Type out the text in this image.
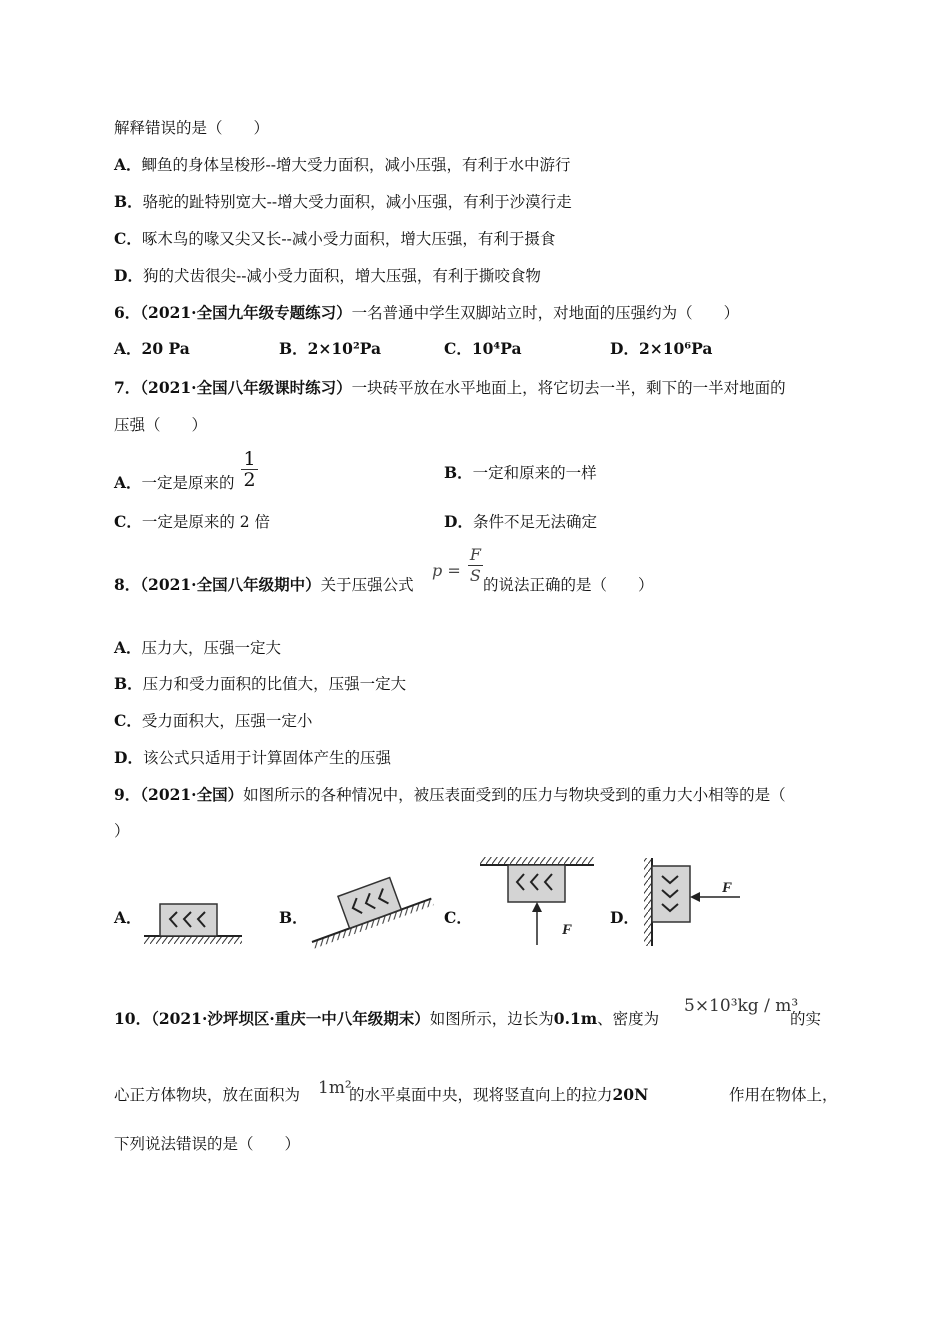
解释错误的是（　　）
A．鲫鱼的身体呈梭形--增大受力面积，减小压强，有利于水中游行
B．骆驼的趾特别宽大--增大受力面积，减小压强，有利于沙漠行走
C．啄木鸟的喙又尖又长--减小受力面积，增大压强，有利于摄食
D．狗的犬齿很尖--减小受力面积，增大压强，有利于撕咬食物
6．（2021·全国九年级专题练习）一名普通中学生双脚站立时，对地面的压强约为（　　）
A．20 Pa	B．2×10²Pa	C．10⁴Pa	D．2×10⁶Pa
7．（2021·全国八年级课时练习）一块砖平放在水平地面上，将它切去一半，剩下的一半对地面的
压强（　　）
A．一定是原来的 $\frac{1}{2}$	B．一定和原来的一样
C．一定是原来的 2 倍	D．条件不足无法确定
8．（2021·全国八年级期中）关于压强公式
$p = \frac{F}{S}$ 的说法正确的是（　　）
A．压力大，压强一定大
B．压力和受力面积的比值大，压强一定大
C．受力面积大，压强一定小
D．该公式只适用于计算固体产生的压强
9．（2021·全国）如图所示的各种情况中，被压表面受到的压力与物块受到的重力大小相等的是（
）
A．	B．	C．	D．
F
F
10．（2021·沙坪坝区·重庆一中八年级期末）如图所示，边长为0.1m、密度为
5×10³kg / m³
的实
心正方体物块，放在面积为 1m²
的水平桌面中央，现将竖直向上的拉力20N	作用在物体上，
下列说法错误的是（　　）
